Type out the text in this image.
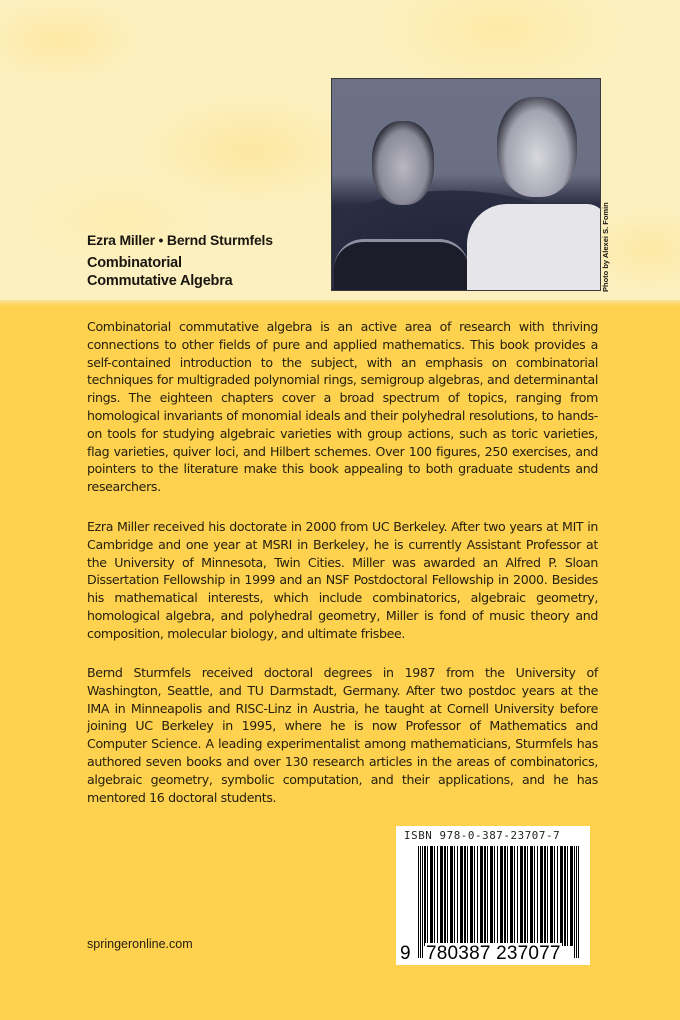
Ezra Miller • Bernd Sturmfels
Combinatorial
Commutative Algebra	Photo by Alexei S. Fomin

Combinatorial commutative algebra is an active area of research with thriving connections to other fields of pure and applied mathematics. This book provides a self-contained introduction to the subject, with an emphasis on combinatorial techniques for multigraded polynomial rings, semigroup algebras, and determinantal rings. The eighteen chapters cover a broad spectrum of topics, ranging from homological invariants of monomial ideals and their polyhedral resolutions, to hands-on tools for studying algebraic varieties with group actions, such as toric varieties, flag varieties, quiver loci, and Hilbert schemes. Over 100 figures, 250 exercises, and pointers to the literature make this book appealing to both graduate students and researchers.

Ezra Miller received his doctorate in 2000 from UC Berkeley. After two years at MIT in Cambridge and one year at MSRI in Berkeley, he is currently Assistant Professor at the University of Minnesota, Twin Cities. Miller was awarded an Alfred P. Sloan Dissertation Fellowship in 1999 and an NSF Postdoctoral Fellowship in 2000. Besides his mathematical interests, which include combinatorics, algebraic geometry, homological algebra, and polyhedral geometry, Miller is fond of music theory and composition, molecular biology, and ultimate frisbee.

Bernd Sturmfels received doctoral degrees in 1987 from the University of Washington, Seattle, and TU Darmstadt, Germany. After two postdoc years at the IMA in Minneapolis and RISC-Linz in Austria, he taught at Cornell University before joining UC Berkeley in 1995, where he is now Professor of Mathematics and Computer Science. A leading experimentalist among mathematicians, Sturmfels has authored seven books and over 130 research articles in the areas of combinatorics, algebraic geometry, symbolic computation, and their applications, and he has mentored 16 doctoral students.

ISBN 978-0-387-23707-7
9 780387 237077
springeronline.com
